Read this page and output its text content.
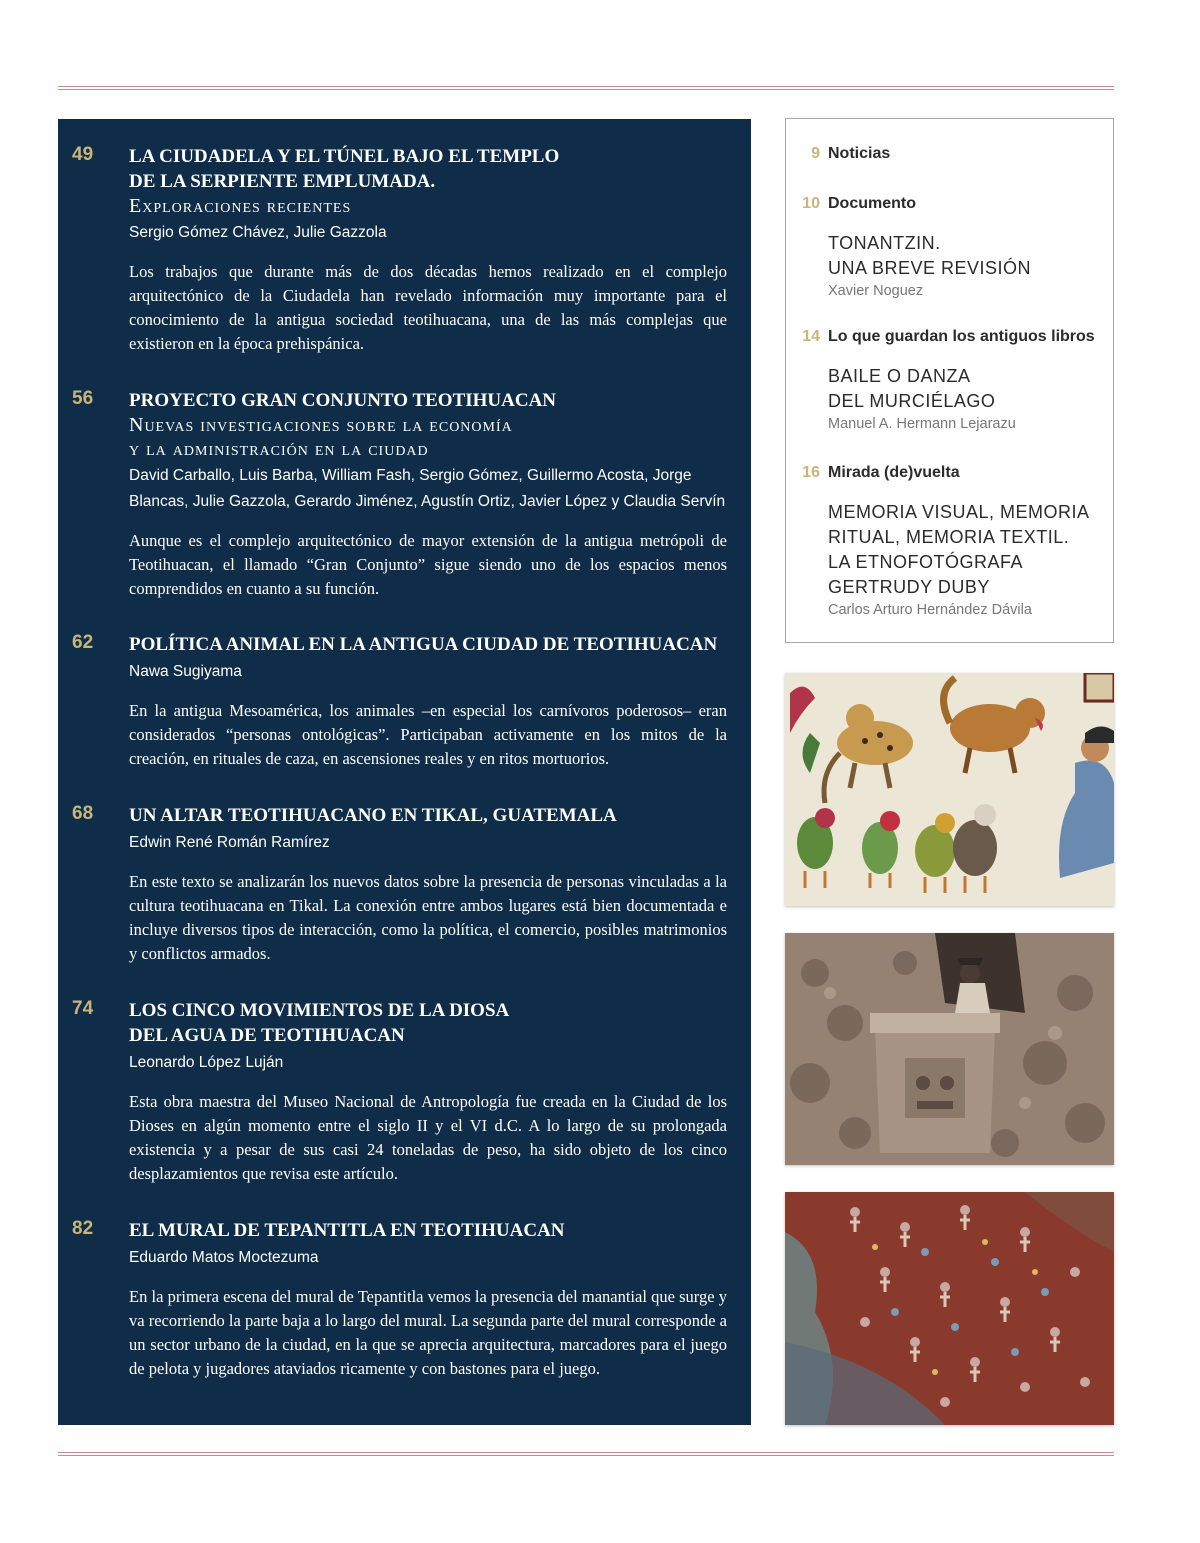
49	LA CIUDADELA Y EL TÚNEL BAJO EL TEMPLO
DE LA SERPIENTE EMPLUMADA.

Exploraciones recientes

Sergio Gómez Chávez, Julie Gazzola

Los trabajos que durante más de dos décadas hemos realizado en el complejo arquitectónico de la Ciudadela han revelado información muy importante para el conocimiento de la antigua sociedad teotihuacana, una de las más complejas que existieron en la época prehispánica.

56	PROYECTO GRAN CONJUNTO TEOTIHUACAN

Nuevas investigaciones sobre la economía
y la administración en la ciudad

David Carballo, Luis Barba, William Fash, Sergio Gómez, Guillermo Acosta, Jorge Blancas, Julie Gazzola, Gerardo Jiménez, Agustín Ortiz, Javier López y Claudia Servín

Aunque es el complejo arquitectónico de mayor extensión de la antigua metrópoli de Teotihuacan, el llamado “Gran Conjunto” sigue siendo uno de los espacios menos comprendidos en cuanto a su función.

62	POLÍTICA ANIMAL EN LA ANTIGUA CIUDAD DE TEOTIHUACAN

Nawa Sugiyama

En la antigua Mesoamérica, los animales –en especial los carnívoros poderosos– eran considerados “personas ontológicas”. Participaban activamente en los mitos de la creación, en rituales de caza, en ascensiones reales y en ritos mortuorios.

68	UN ALTAR TEOTIHUACANO EN TIKAL, GUATEMALA

Edwin René Román Ramírez

En este texto se analizarán los nuevos datos sobre la presencia de personas vinculadas a la cultura teotihuacana en Tikal. La conexión entre ambos lugares está bien documentada e incluye diversos tipos de interacción, como la política, el comercio, posibles matrimonios y conflictos armados.

74	LOS CINCO MOVIMIENTOS DE LA DIOSA
DEL AGUA DE TEOTIHUACAN

Leonardo López Luján

Esta obra maestra del Museo Nacional de Antropología fue creada en la Ciudad de los Dioses en algún momento entre el siglo II y el VI d.C. A lo largo de su prolongada existencia y a pesar de sus casi 24 toneladas de peso, ha sido objeto de los cinco desplazamientos que revisa este artículo.

82	EL MURAL DE TEPANTITLA EN TEOTIHUACAN

Eduardo Matos Moctezuma

En la primera escena del mural de Tepantitla vemos la presencia del manantial que surge y va recorriendo la parte baja a lo largo del mural. La segunda parte del mural corresponde a un sector urbano de la ciudad, en la que se aprecia arquitectura, marcadores para el juego de pelota y jugadores ataviados ricamente y con bastones para el juego.

9 Noticias
10 Documento

TONANTZIN.
UNA BREVE REVISIÓN

Xavier Noguez

14 Lo que guardan los antiguos libros

BAILE O DANZA
DEL MURCIÉLAGO

Manuel A. Hermann Lejarazu

16 Mirada (de)vuelta

MEMORIA VISUAL, MEMORIA
RITUAL, MEMORIA TEXTIL.
LA ETNOFOTÓGRAFA
GERTRUDY DUBY

Carlos Arturo Hernández Dávila
